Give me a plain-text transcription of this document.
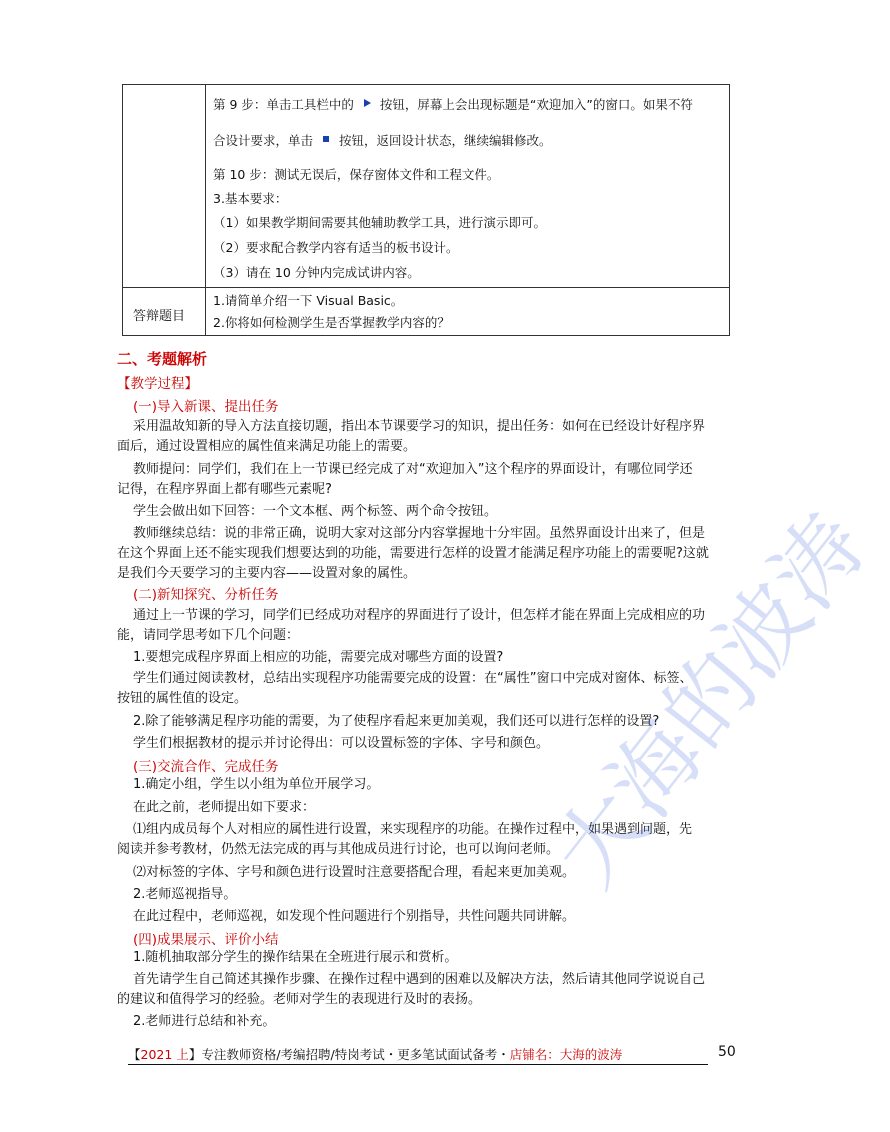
第 9 步：单击工具栏中的 按钮，屏幕上会出现标题是“欢迎加入”的窗口。如果不符
合设计要求，单击 按钮，返回设计状态，继续编辑修改。
第 10 步：测试无误后，保存窗体文件和工程文件。
3.基本要求：
（1）如果教学期间需要其他辅助教学工具，进行演示即可。
（2）要求配合教学内容有适当的板书设计。
（3）请在 10 分钟内完成试讲内容。
答辩题目
1.请简单介绍一下 Visual Basic。
2.你将如何检测学生是否掌握教学内容的？
二、考题解析
【教学过程】
(一)导入新课、提出任务
采用温故知新的导入方法直接切题，指出本节课要学习的知识，提出任务：如何在已经设计好程序界
面后，通过设置相应的属性值来满足功能上的需要。
教师提问：同学们，我们在上一节课已经完成了对“欢迎加入”这个程序的界面设计，有哪位同学还
记得，在程序界面上都有哪些元素呢?
学生会做出如下回答：一个文本框、两个标签、两个命令按钮。
教师继续总结：说的非常正确，说明大家对这部分内容掌握地十分牢固。虽然界面设计出来了，但是
在这个界面上还不能实现我们想要达到的功能，需要进行怎样的设置才能满足程序功能上的需要呢?这就
是我们今天要学习的主要内容——设置对象的属性。
(二)新知探究、分析任务
通过上一节课的学习，同学们已经成功对程序的界面进行了设计，但怎样才能在界面上完成相应的功
能，请同学思考如下几个问题：
1.要想完成程序界面上相应的功能，需要完成对哪些方面的设置?
学生们通过阅读教材，总结出实现程序功能需要完成的设置：在“属性”窗口中完成对窗体、标签、
按钮的属性值的设定。
2.除了能够满足程序功能的需要，为了使程序看起来更加美观，我们还可以进行怎样的设置?
学生们根据教材的提示并讨论得出：可以设置标签的字体、字号和颜色。
(三)交流合作、完成任务
1.确定小组，学生以小组为单位开展学习。
在此之前，老师提出如下要求：
⑴组内成员每个人对相应的属性进行设置，来实现程序的功能。在操作过程中，如果遇到问题，先
阅读并参考教材，仍然无法完成的再与其他成员进行讨论，也可以询问老师。
⑵对标签的字体、字号和颜色进行设置时注意要搭配合理，看起来更加美观。
2.老师巡视指导。
在此过程中，老师巡视，如发现个性问题进行个别指导，共性问题共同讲解。
(四)成果展示、评价小结
1.随机抽取部分学生的操作结果在全班进行展示和赏析。
首先请学生自己简述其操作步骤、在操作过程中遇到的困难以及解决方法，然后请其他同学说说自己
的建议和值得学习的经验。老师对学生的表现进行及时的表扬。
2.老师进行总结和补充。
【2021 上】专注教师资格/考编招聘/特岗考试・更多笔试面试备考・店铺名：大海的波涛	50
大海的波涛
